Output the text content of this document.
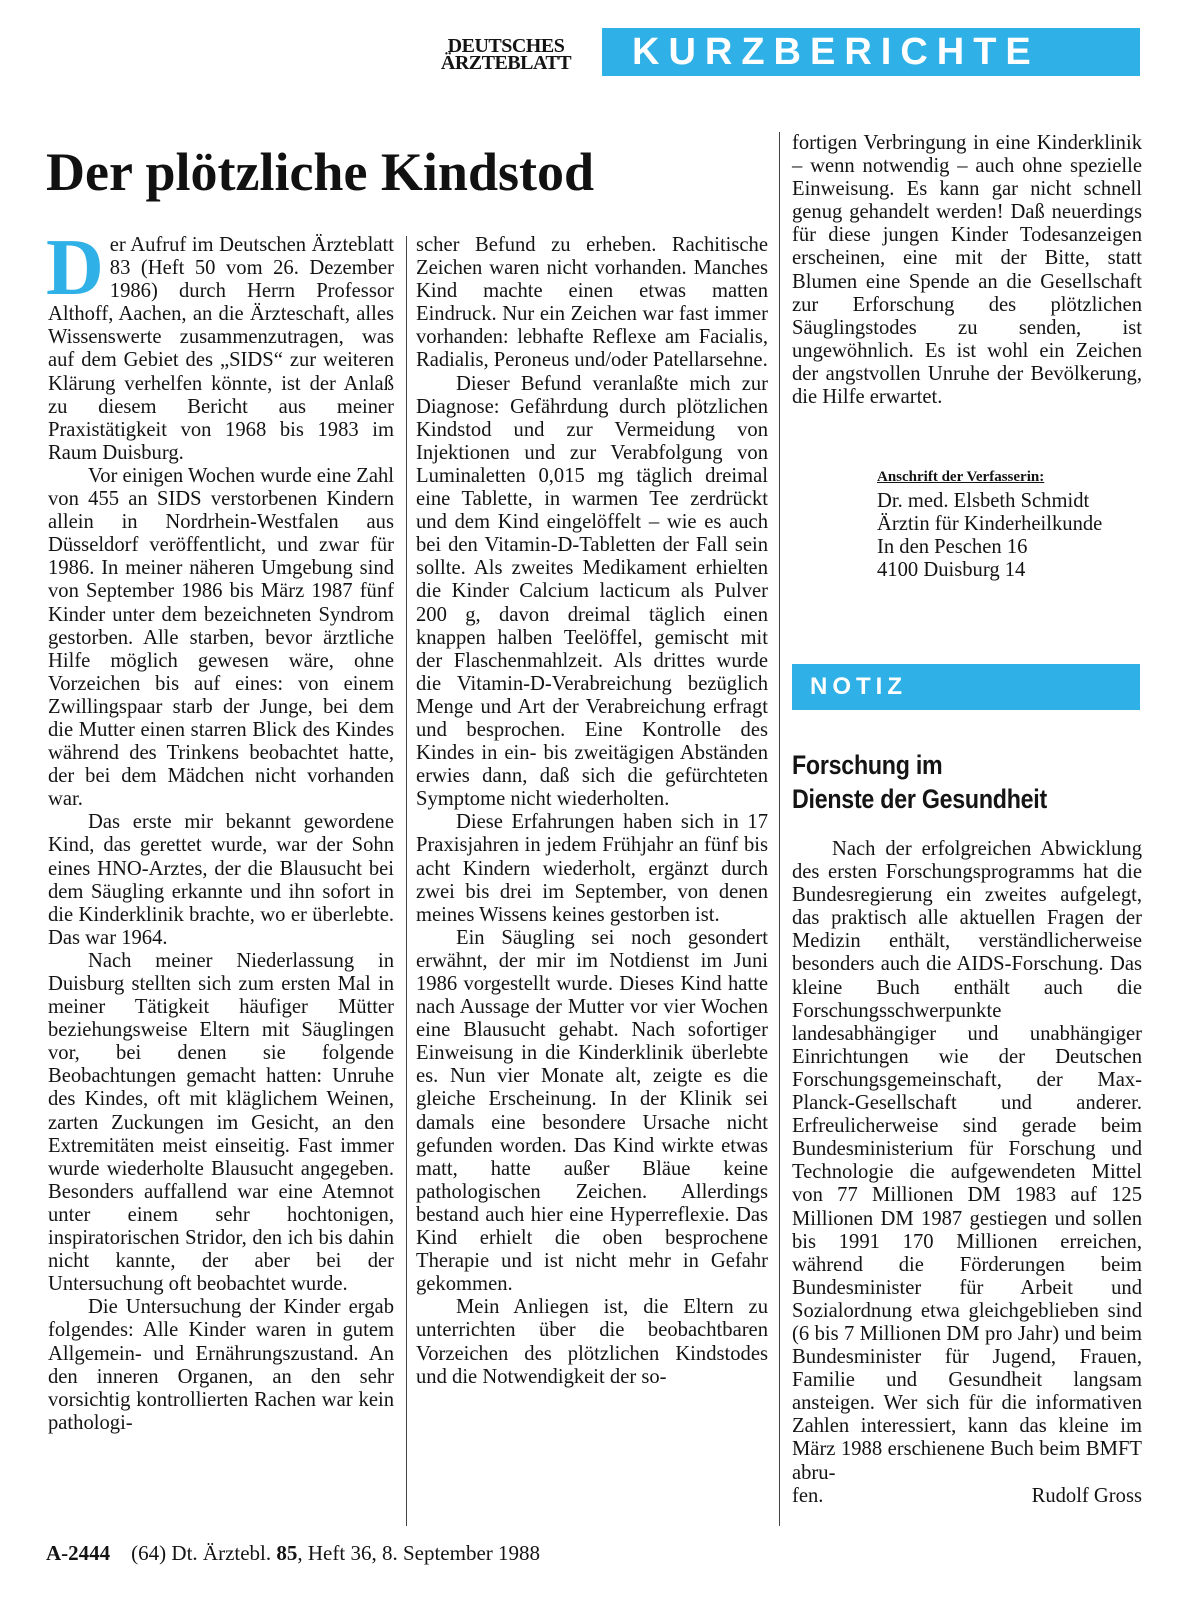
DEUTSCHES
ÄRZTEBLATT	KURZBERICHTE
Der plötzliche Kindstod

Der Aufruf im Deutschen Ärzteblatt 83 (Heft 50 vom 26. Dezember 1986) durch Herrn Professor Althoff, Aachen, an die Ärzteschaft, alles Wissenswerte zusammenzutragen, was auf dem Gebiet des „SIDS“ zur weiteren Klärung verhelfen könnte, ist der Anlaß zu diesem Bericht aus meiner Praxistätigkeit von 1968 bis 1983 im Raum Duisburg.

Vor einigen Wochen wurde eine Zahl von 455 an SIDS verstorbenen Kindern allein in Nordrhein-Westfalen aus Düsseldorf veröffentlicht, und zwar für 1986. In meiner näheren Umgebung sind von September 1986 bis März 1987 fünf Kinder unter dem bezeichneten Syndrom gestorben. Alle starben, bevor ärztliche Hilfe möglich gewesen wäre, ohne Vorzeichen bis auf eines: von einem Zwillingspaar starb der Junge, bei dem die Mutter einen starren Blick des Kindes während des Trinkens beobachtet hatte, der bei dem Mädchen nicht vorhanden war.

Das erste mir bekannt gewordene Kind, das gerettet wurde, war der Sohn eines HNO-Arztes, der die Blausucht bei dem Säugling erkannte und ihn sofort in die Kinderklinik brachte, wo er überlebte. Das war 1964.

Nach meiner Niederlassung in Duisburg stellten sich zum ersten Mal in meiner Tätigkeit häufiger Mütter beziehungsweise Eltern mit Säuglingen vor, bei denen sie folgende Beobachtungen gemacht hatten: Unruhe des Kindes, oft mit kläglichem Weinen, zarten Zuckungen im Gesicht, an den Extremitäten meist einseitig. Fast immer wurde wiederholte Blausucht angegeben. Besonders auffallend war eine Atemnot unter einem sehr hochtonigen, inspiratorischen Stridor, den ich bis dahin nicht kannte, der aber bei der Untersuchung oft beobachtet wurde.

Die Untersuchung der Kinder ergab folgendes: Alle Kinder waren in gutem Allgemein- und Ernährungszustand. An den inneren Organen, an den sehr vorsichtig kontrollierten Rachen war kein pathologi-

scher Befund zu erheben. Rachitische Zeichen waren nicht vorhanden. Manches Kind machte einen etwas matten Eindruck. Nur ein Zeichen war fast immer vorhanden: lebhafte Reflexe am Facialis, Radialis, Peroneus und/oder Patellarsehne.

Dieser Befund veranlaßte mich zur Diagnose: Gefährdung durch plötzlichen Kindstod und zur Vermeidung von Injektionen und zur Verabfolgung von Luminaletten 0,015 mg täglich dreimal eine Tablette, in warmen Tee zerdrückt und dem Kind eingelöffelt – wie es auch bei den Vitamin-D-Tabletten der Fall sein sollte. Als zweites Medikament erhielten die Kinder Calcium lacticum als Pulver 200 g, davon dreimal täglich einen knappen halben Teelöffel, gemischt mit der Flaschenmahlzeit. Als drittes wurde die Vitamin-D-Verabreichung bezüglich Menge und Art der Verabreichung erfragt und besprochen. Eine Kontrolle des Kindes in ein- bis zweitägigen Abständen erwies dann, daß sich die gefürchteten Symptome nicht wiederholten.

Diese Erfahrungen haben sich in 17 Praxisjahren in jedem Frühjahr an fünf bis acht Kindern wiederholt, ergänzt durch zwei bis drei im September, von denen meines Wissens keines gestorben ist.

Ein Säugling sei noch gesondert erwähnt, der mir im Notdienst im Juni 1986 vorgestellt wurde. Dieses Kind hatte nach Aussage der Mutter vor vier Wochen eine Blausucht gehabt. Nach sofortiger Einweisung in die Kinderklinik überlebte es. Nun vier Monate alt, zeigte es die gleiche Erscheinung. In der Klinik sei damals eine besondere Ursache nicht gefunden worden. Das Kind wirkte etwas matt, hatte außer Bläue keine pathologischen Zeichen. Allerdings bestand auch hier eine Hyperreflexie. Das Kind erhielt die oben besprochene Therapie und ist nicht mehr in Gefahr gekommen.

Mein Anliegen ist, die Eltern zu unterrichten über die beobachtbaren Vorzeichen des plötzlichen Kindstodes und die Notwendigkeit der so-

fortigen Verbringung in eine Kinderklinik – wenn notwendig – auch ohne spezielle Einweisung. Es kann gar nicht schnell genug gehandelt werden! Daß neuerdings für diese jungen Kinder Todesanzeigen erscheinen, eine mit der Bitte, statt Blumen eine Spende an die Gesellschaft zur Erforschung des plötzlichen Säuglingstodes zu senden, ist ungewöhnlich. Es ist wohl ein Zeichen der angstvollen Unruhe der Bevölkerung, die Hilfe erwartet.

Anschrift der Verfasserin:
Dr. med. Elsbeth Schmidt
Ärztin für Kinderheilkunde
In den Peschen 16
4100 Duisburg 14
NOTIZ
Forschung im
Dienste der Gesundheit

Nach der erfolgreichen Abwicklung des ersten Forschungsprogramms hat die Bundesregierung ein zweites aufgelegt, das praktisch alle aktuellen Fragen der Medizin enthält, verständlicherweise besonders auch die AIDS-Forschung. Das kleine Buch enthält auch die Forschungsschwerpunkte landesabhängiger und unabhängiger Einrichtungen wie der Deutschen Forschungsgemeinschaft, der Max-Planck-Gesellschaft und anderer. Erfreulicherweise sind gerade beim Bundesministerium für Forschung und Technologie die aufgewendeten Mittel von 77 Millionen DM 1983 auf 125 Millionen DM 1987 gestiegen und sollen bis 1991 170 Millionen erreichen, während die Förderungen beim Bundesminister für Arbeit und Sozialordnung etwa gleichgeblieben sind (6 bis 7 Millionen DM pro Jahr) und beim Bundesminister für Jugend, Frauen, Familie und Gesundheit langsam ansteigen. Wer sich für die informativen Zahlen interessiert, kann das kleine im März 1988 erschienene Buch beim BMFT abru-

fen.	Rudolf Gross
A-2444 (64) Dt. Ärztebl. 85, Heft 36, 8. September 1988
